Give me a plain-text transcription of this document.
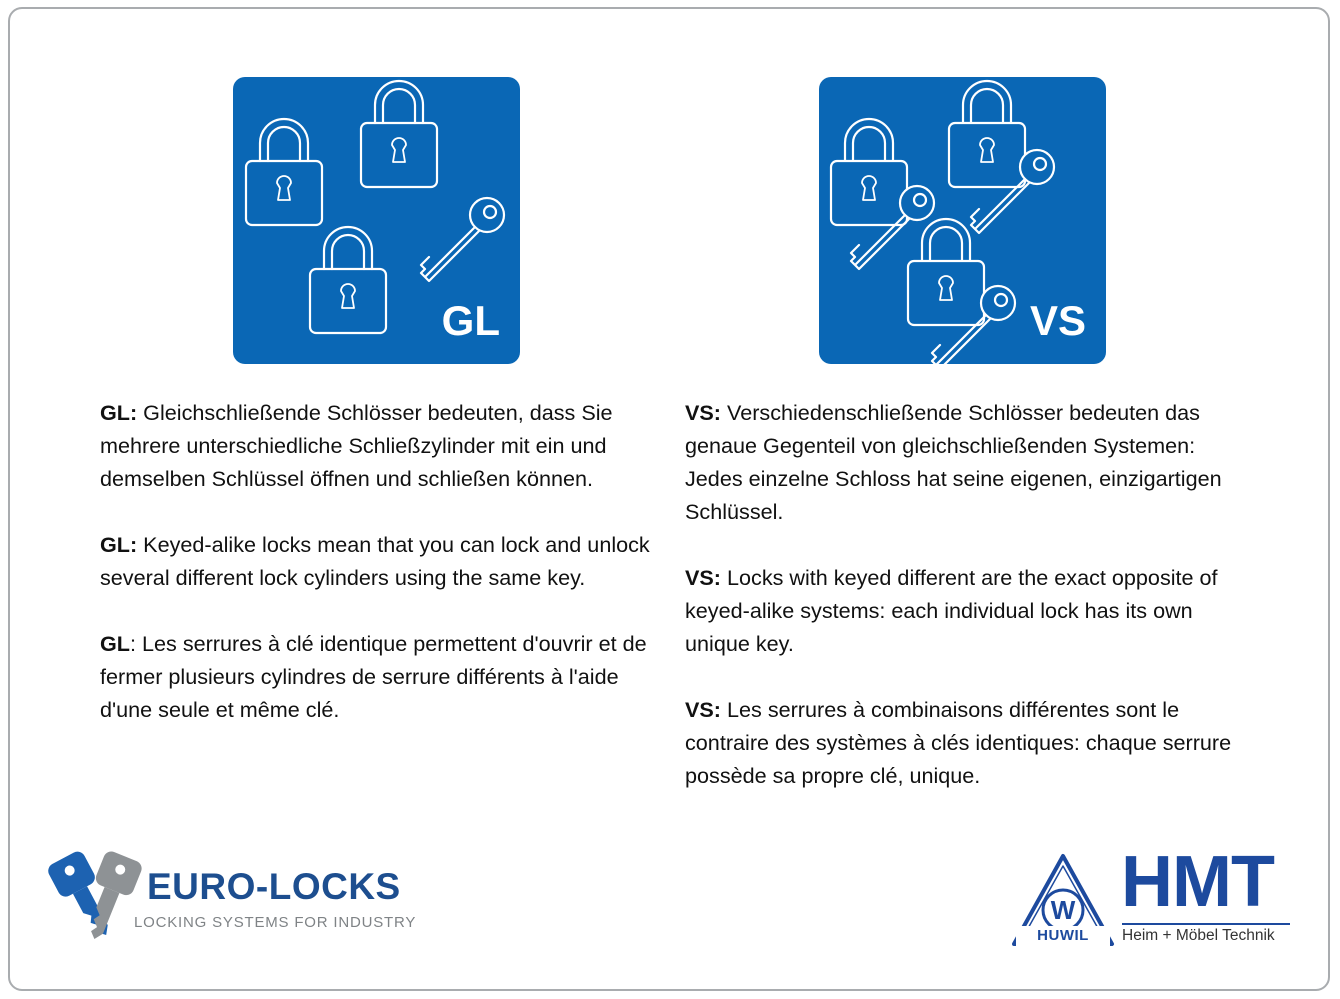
GL	VS

GL: Gleichschließende Schlösser bedeuten, dass Sie mehrere unterschiedliche Schließzylinder mit ein und demselben Schlüssel öffnen und schließen können.

GL: Keyed-alike locks mean that you can lock and unlock several different lock cylinders using the same key.

GL: Les serrures à clé identique permettent d'ouvrir et de fermer plusieurs cylindres de serrure différents à l'aide d'une seule et même clé.

VS: Verschiedenschließende Schlösser bedeuten das genaue Gegenteil von gleichschließenden Systemen: Jedes einzelne Schloss hat seine eigenen, einzigartigen Schlüssel.

VS: Locks with keyed different are the exact opposite of keyed-alike systems: each individual lock has its own unique key.

VS: Les serrures à combinaisons différentes sont le contraire des systèmes à clés identiques: chaque serrure possède sa propre clé, unique.

EURO-LOCKS
LOCKING SYSTEMS FOR INDUSTRY	W
HUWIL
HMT
Heim + Möbel Technik
